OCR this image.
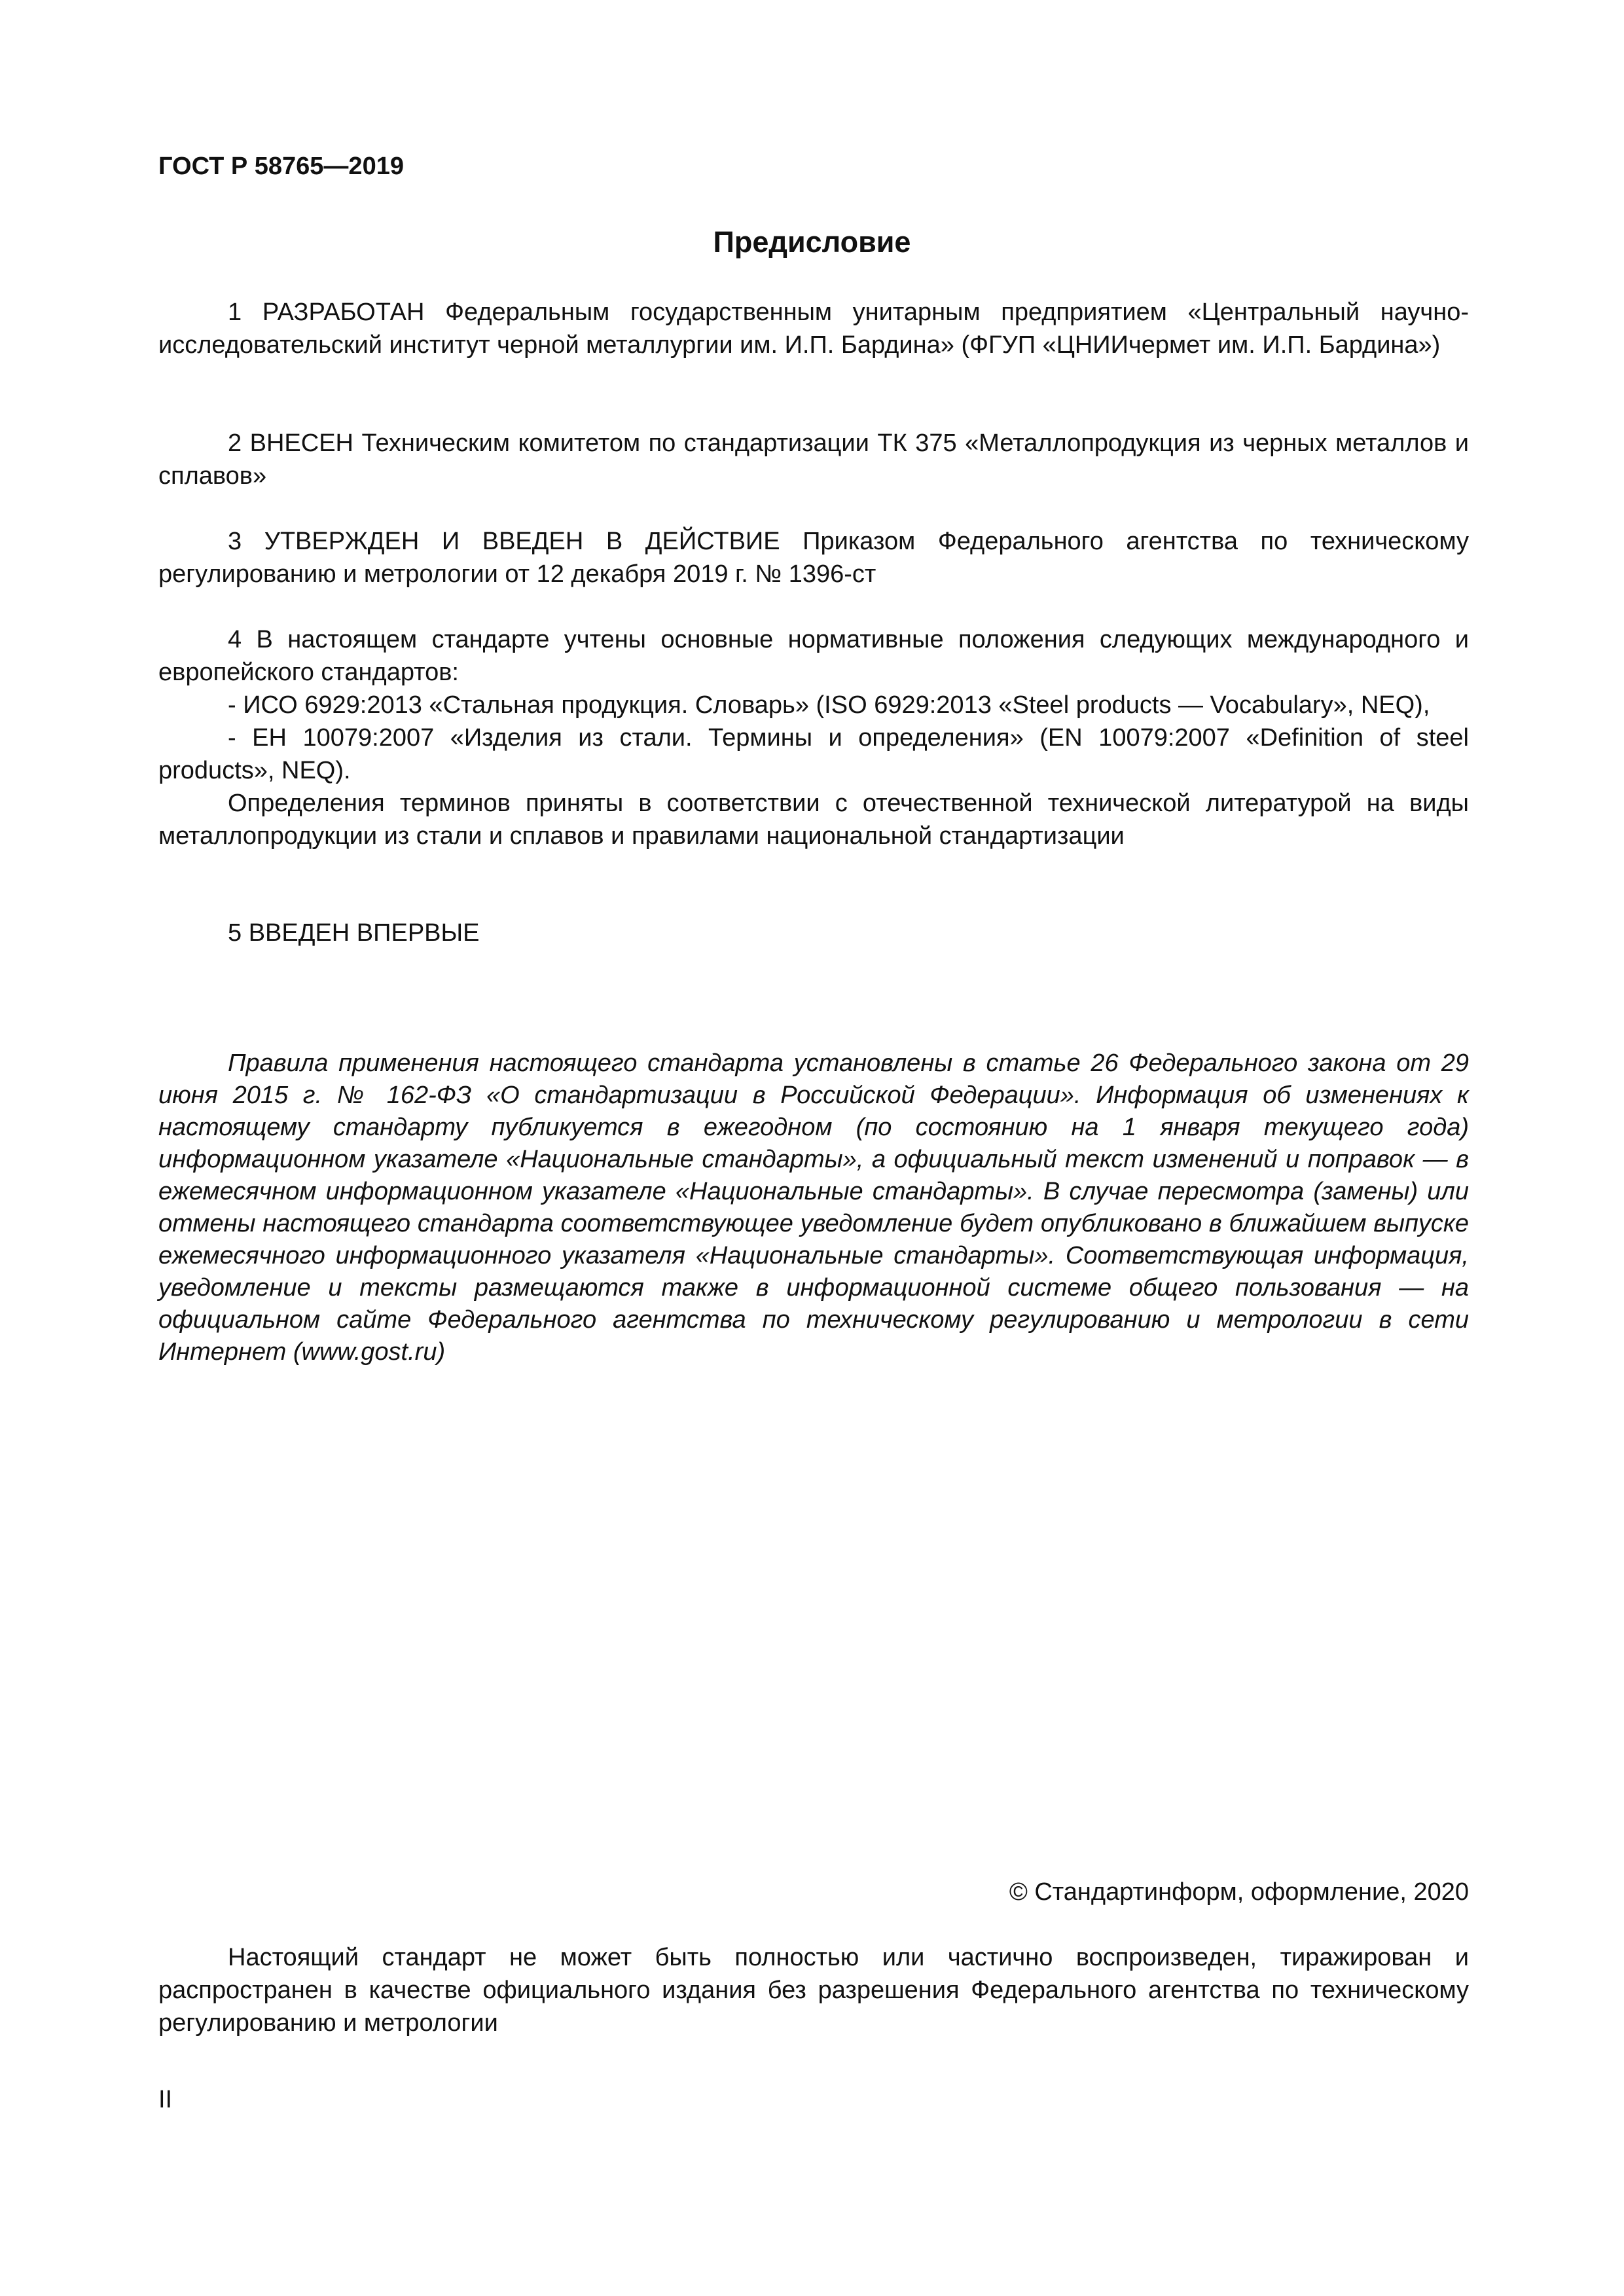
ГОСТ Р 58765—2019
Предисловие

1 РАЗРАБОТАН Федеральным государственным унитарным предприятием «Центральный научно-исследовательский институт черной металлургии им. И.П. Бардина» (ФГУП «ЦНИИчермет им. И.П. Бардина»)

2 ВНЕСЕН Техническим комитетом по стандартизации ТК 375 «Металлопродукция из черных металлов и сплавов»

3 УТВЕРЖДЕН И ВВЕДЕН В ДЕЙСТВИЕ Приказом Федерального агентства по техническому регулированию и метрологии от 12 декабря 2019 г. № 1396-ст

4 В настоящем стандарте учтены основные нормативные положения следующих международного и европейского стандартов:

- ИСО 6929:2013 «Стальная продукция. Словарь» (ISO 6929:2013 «Steel products — Vocabulary», NEQ),

- ЕН 10079:2007 «Изделия из стали. Термины и определения» (EN 10079:2007 «Definition of steel products», NEQ).

Определения терминов приняты в соответствии с отечественной технической литературой на виды металлопродукции из стали и сплавов и правилами национальной стандартизации

5 ВВЕДЕН ВПЕРВЫЕ

Правила применения настоящего стандарта установлены в статье 26 Федерального закона от 29 июня 2015 г. № 162-ФЗ «О стандартизации в Российской Федерации». Информация об изменениях к настоящему стандарту публикуется в ежегодном (по состоянию на 1 января текущего года) информационном указателе «Национальные стандарты», а официальный текст изменений и поправок — в ежемесячном информационном указателе «Национальные стандарты». В случае пересмотра (замены) или отмены настоящего стандарта соответствующее уведомление будет опубликовано в ближайшем выпуске ежемесячного информационного указателя «Национальные стандарты». Соответствующая информация, уведомление и тексты размещаются также в информационной системе общего пользования — на официальном сайте Федерального агентства по техническому регулированию и метрологии в сети Интернет (www.gost.ru)

© Стандартинформ, оформление, 2020

Настоящий стандарт не может быть полностью или частично воспроизведен, тиражирован и распространен в качестве официального издания без разрешения Федерального агентства по техническому регулированию и метрологии

II
